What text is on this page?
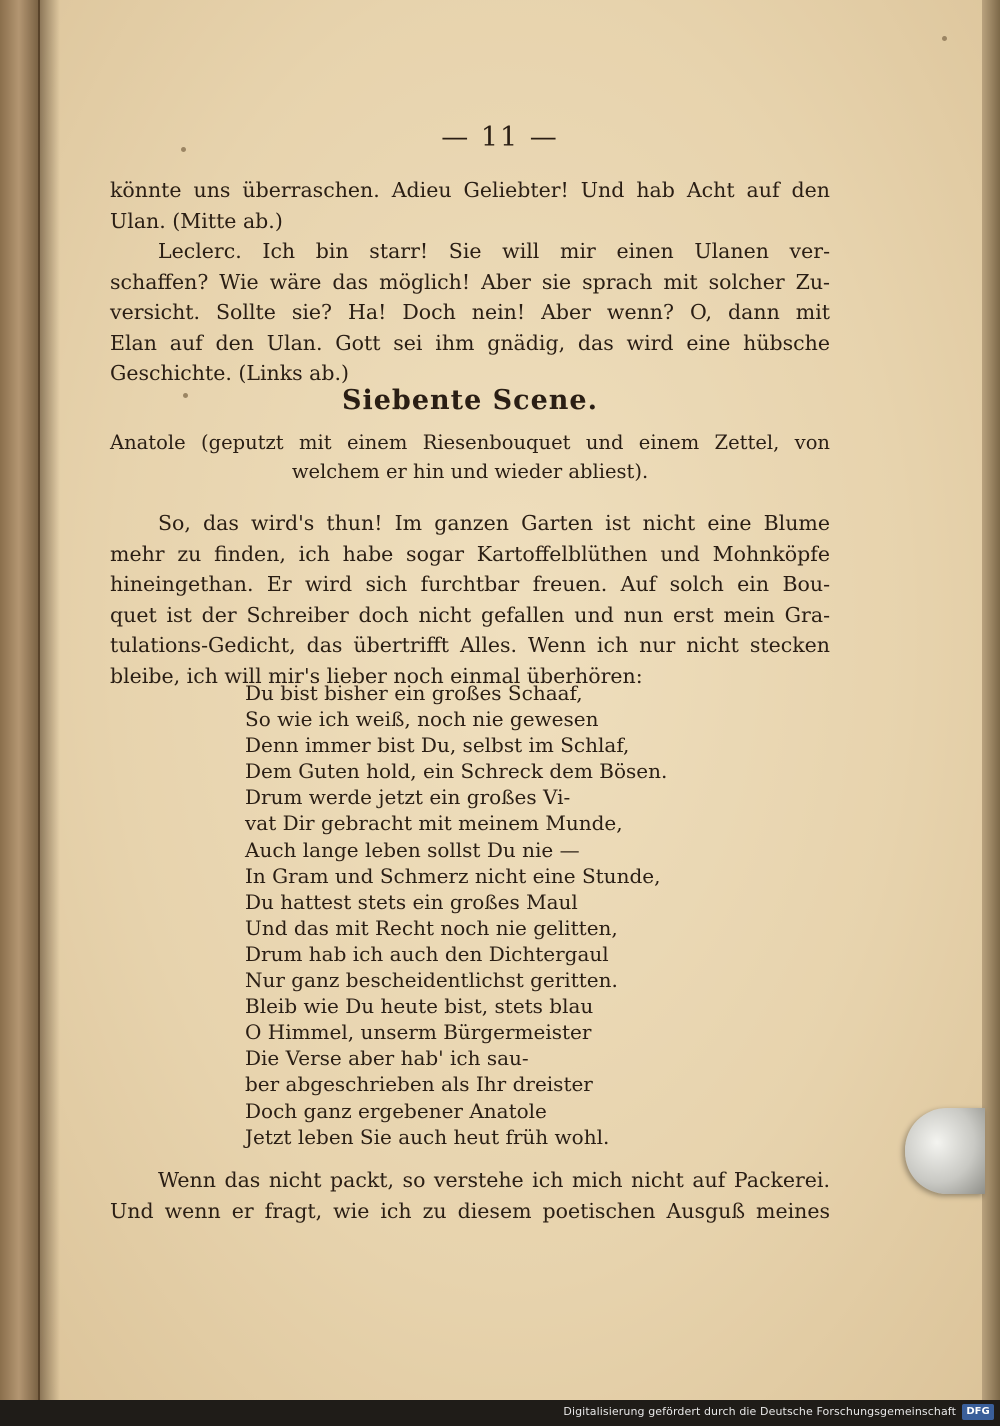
— 11 —
könnte uns überraschen. Adieu Geliebter! Und hab Acht auf den
Ulan. (Mitte ab.)
Leclerc. Ich bin starr! Sie will mir einen Ulanen ver-
schaffen? Wie wäre das möglich! Aber sie sprach mit solcher Zu-
versicht. Sollte sie? Ha! Doch nein! Aber wenn? O, dann mit
Elan auf den Ulan. Gott sei ihm gnädig, das wird eine hübsche
Geschichte. (Links ab.)
Siebente Scene.
Anatole (geputzt mit einem Riesenbouquet und einem Zettel, von
welchem er hin und wieder abliest).
So, das wird's thun! Im ganzen Garten ist nicht eine Blume
mehr zu finden, ich habe sogar Kartoffelblüthen und Mohnköpfe
hineingethan. Er wird sich furchtbar freuen. Auf solch ein Bou-
quet ist der Schreiber doch nicht gefallen und nun erst mein Gra-
tulations-Gedicht, das übertrifft Alles. Wenn ich nur nicht stecken
bleibe, ich will mir's lieber noch einmal überhören:
Du bist bisher ein großes Schaaf,
So wie ich weiß, noch nie gewesen
Denn immer bist Du, selbst im Schlaf,
Dem Guten hold, ein Schreck dem Bösen.
Drum werde jetzt ein großes Vi-
vat Dir gebracht mit meinem Munde,
Auch lange leben sollst Du nie —
In Gram und Schmerz nicht eine Stunde,
Du hattest stets ein großes Maul
Und das mit Recht noch nie gelitten,
Drum hab ich auch den Dichtergaul
Nur ganz bescheidentlichst geritten.
Bleib wie Du heute bist, stets blau
O Himmel, unserm Bürgermeister
Die Verse aber hab' ich sau-
ber abgeschrieben als Ihr dreister
Doch ganz ergebener Anatole
Jetzt leben Sie auch heut früh wohl.
Wenn das nicht packt, so verstehe ich mich nicht auf Packerei.
Und wenn er fragt, wie ich zu diesem poetischen Ausguß meines
Digitalisierung gefördert durch die Deutsche Forschungsgemeinschaft	DFG
